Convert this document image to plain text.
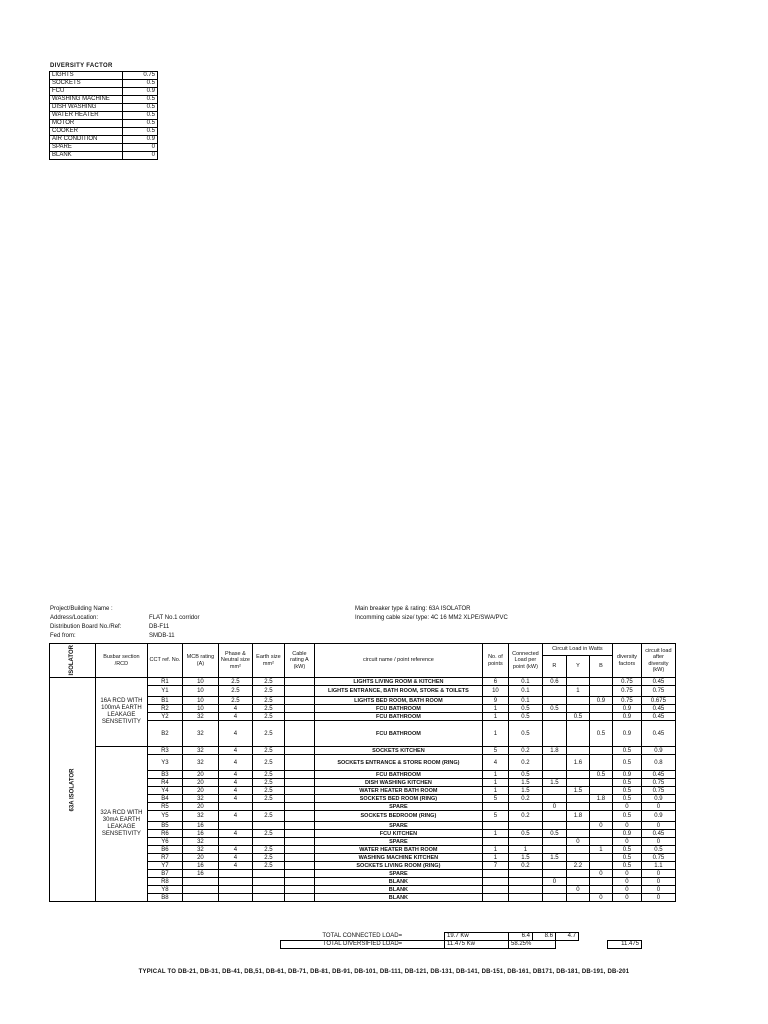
DIVERSITY FACTOR
LIGHTS	0.75
SOCKETS	0.5
FCU	0.9
WASHING MACHINE	0.5
DISH WASHING	0.5
WATER HEATER	0.5
MOTOR	0.5
COOKER	0.5
AIR CONDITION	0.9
SPARE	0
BLANK	0
Project/Building Name :
Address/Location:	FLAT No.1 corridor
Distribution Board No./Ref:	DB-F11
Fed from:	SMDB-11
Main breaker type & rating: 63A ISOLATOR
Incomming cable size/ type: 4C 16 MM2 XLPE/SWA/PVC
ISOLATOR	Busbar section /RCD	CCT ref. No.	MCB rating (A)	Phase & Neutral size mm²	Earth size mm²	Cable rating A (kW)	circuit name / point reference	No. of points	Connected Load per point (kW)	Circuit Load in Watts			diversity factors	circuit load after diversity (kW)
										R	Y	B		
63A ISOLATOR	16A RCD WITH 100mA EARTH LEAKAGE SENSETIVITY	R1	10	2.5	2.5		LIGHTS LIVING ROOM & KITCHEN	6	0.1	0.6			0.75	0.45
		Y1	10	2.5	2.5		LIGHTS ENTRANCE, BATH ROOM, STORE & TOILETS	10	0.1		1		0.75	0.75
		B1	10	2.5	2.5		LIGHTS BED ROOM, BATH ROOM	9	0.1			0.9	0.75	0.675
		R2	10	4	2.5		FCU BATHROOM	1	0.5	0.5			0.9	0.45
		Y2	32	4	2.5		FCU BATHROOM	1	0.5		0.5		0.9	0.45
		B2	32	4	2.5		FCU BATHROOM	1	0.5			0.5	0.9	0.45
	32A RCD WITH 30mA EARTH LEAKAGE SENSETIVITY	R3	32	4	2.5		SOCKETS KITCHEN	5	0.2	1.8			0.5	0.9
		Y3	32	4	2.5		SOCKETS ENTRANCE & STORE ROOM (RING)	4	0.2		1.6		0.5	0.8
		B3	20	4	2.5		FCU BATHROOM	1	0.5			0.5	0.9	0.45
		R4	20	4	2.5		DISH WASHING KITCHEN	1	1.5	1.5			0.5	0.75
		Y4	20	4	2.5		WATER HEATER BATH ROOM	1	1.5		1.5		0.5	0.75
		B4	32	4	2.5		SOCKETS BED ROOM (RING)	5	0.2			1.8	0.5	0.9
		R5	20				SPARE			0			0	0
		Y5	32	4	2.5		SOCKETS BEDROOM (RING)	5	0.2		1.8		0.5	0.9
		B5	16				SPARE					0	0	0
		R6	16	4	2.5		FCU KITCHEN	1	0.5	0.5			0.9	0.45
		Y6	32				SPARE				0		0	0
		B6	32	4	2.5		WATER HEATER BATH ROOM	1	1			1	0.5	0.5
		R7	20	4	2.5		WASHING MACHINE KITCHEN	1	1.5	1.5			0.5	0.75
		Y7	16	4	2.5		SOCKETS LIVING ROOM (RING)	7	0.2		2.2		0.5	1.1
		B7	16				SPARE					0	0	0
		R8					BLANK			0			0	0
		Y8					BLANK				0		0	0
		B8					BLANK					0	0	0
TOTAL CONNECTED LOAD=	19.7 Kw	6.4	8.6	4.7		
TOTAL DIVERSIFIED LOAD=	11.475 Kw	58.25%				11.475
TYPICAL TO DB-21, DB-31, DB-41, DB,51, DB-61, DB-71, DB-81, DB-91, DB-101, DB-111, DB-121, DB-131, DB-141, DB-151, DB-161, DB171, DB-181, DB-191, DB-201
